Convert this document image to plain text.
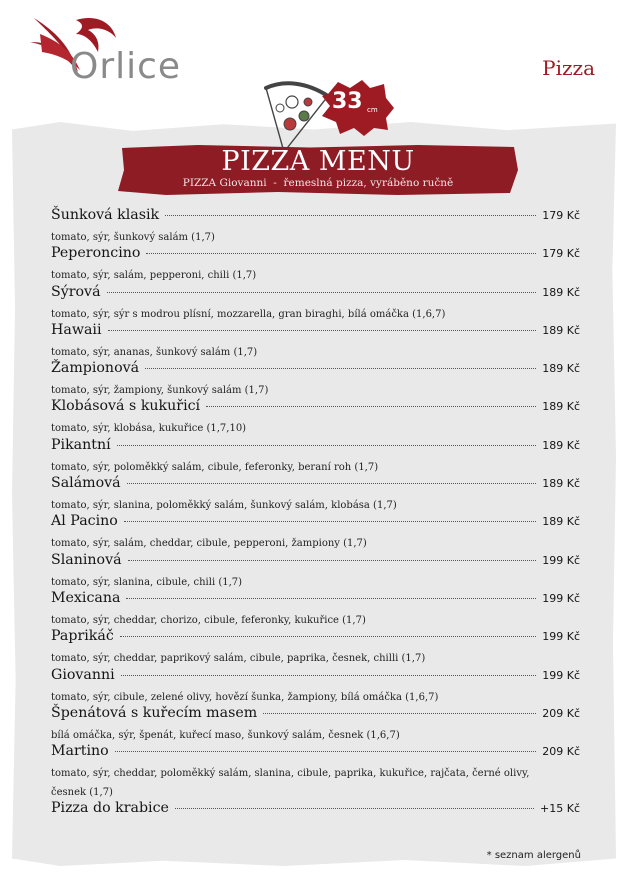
Orlice	Pizza
33 cm
PIZZA MENU
PIZZA Giovanni  -  řemeslná pizza, vyráběno ručně
Šunková klasik	179 Kč
tomato, sýr, šunkový salám (1,7)
Peperoncino	179 Kč
tomato, sýr, salám, pepperoni, chili (1,7)
Sýrová	189 Kč
tomato, sýr, sýr s modrou plísní, mozzarella, gran biraghi, bílá omáčka (1,6,7)
Hawaii	189 Kč
tomato, sýr, ananas, šunkový salám (1,7)
Žampionová	189 Kč
tomato, sýr, žampiony, šunkový salám (1,7)
Klobásová s kukuřicí	189 Kč
tomato, sýr, klobása, kukuřice (1,7,10)
Pikantní	189 Kč
tomato, sýr, poloměkký salám, cibule, feferonky, beraní roh (1,7)
Salámová	189 Kč
tomato, sýr, slanina, poloměkký salám, šunkový salám, klobása (1,7)
Al Pacino	189 Kč
tomato, sýr, salám, cheddar, cibule, pepperoni, žampiony (1,7)
Slaninová	199 Kč
tomato, sýr, slanina, cibule, chili (1,7)
Mexicana	199 Kč
tomato, sýr, cheddar, chorizo, cibule, feferonky, kukuřice (1,7)
Paprikáč	199 Kč
tomato, sýr, cheddar, paprikový salám, cibule, paprika, česnek, chilli (1,7)
Giovanni	199 Kč
tomato, sýr, cibule, zelené olivy, hovězí šunka, žampiony, bílá omáčka (1,6,7)
Špenátová s kuřecím masem	209 Kč
bílá omáčka, sýr, špenát, kuřecí maso, šunkový salám, česnek (1,6,7)
Martino	209 Kč
tomato, sýr, cheddar, poloměkký salám, slanina, cibule, paprika, kukuřice, rajčata, černé olivy, česnek (1,7)
Pizza do krabice	+15 Kč
* seznam alergenů
